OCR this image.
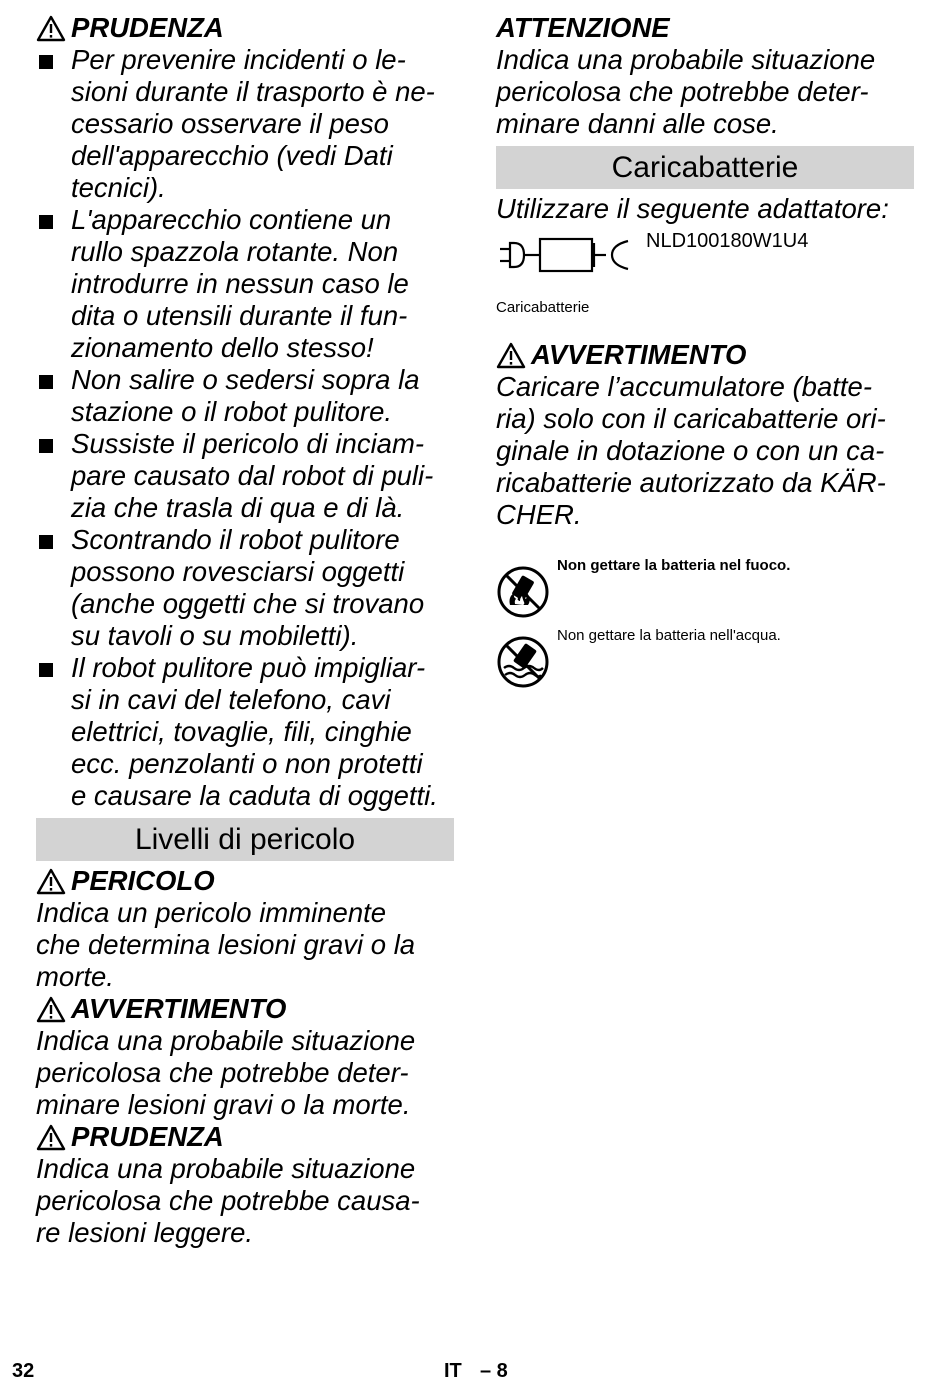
PRUDENZA
Per prevenire incidenti o le-
sioni durante il trasporto è ne-
cessario osservare il peso
dell'apparecchio (vedi Dati
tecnici).
L'apparecchio contiene un
rullo spazzola rotante. Non
introdurre in nessun caso le
dita o utensili durante il fun-
zionamento dello stesso!
Non salire o sedersi sopra la
stazione o il robot pulitore.
Sussiste il pericolo di inciam-
pare causato dal robot di puli-
zia che trasla di qua e di là.
Scontrando il robot pulitore
possono rovesciarsi oggetti
(anche oggetti che si trovano
su tavoli o su mobiletti).
Il robot pulitore può impigliar-
si in cavi del telefono, cavi
elettrici, tovaglie, fili, cinghie
ecc. penzolanti o non protetti
e causare la caduta di oggetti.
Livelli di pericolo
PERICOLO

Indica un pericolo imminente
che determina lesioni gravi o la
morte.

AVVERTIMENTO

Indica una probabile situazione
pericolosa che potrebbe deter-
minare lesioni gravi o la morte.

PRUDENZA

Indica una probabile situazione
pericolosa che potrebbe causa-
re lesioni leggere.

ATTENZIONE

Indica una probabile situazione
pericolosa che potrebbe deter-
minare danni alle cose.

Caricabatterie

Utilizzare il seguente adattatore:

NLD100180W1U4
Caricabatterie
AVVERTIMENTO

Caricare l’accumulatore (batte-
ria) solo con il caricabatterie ori-
ginale in dotazione o con un ca-
ricabatterie autorizzato da KÄR-
CHER.

Non gettare la batteria nel fuoco.
Non gettare la batteria nell'acqua.
32	IT – 8
